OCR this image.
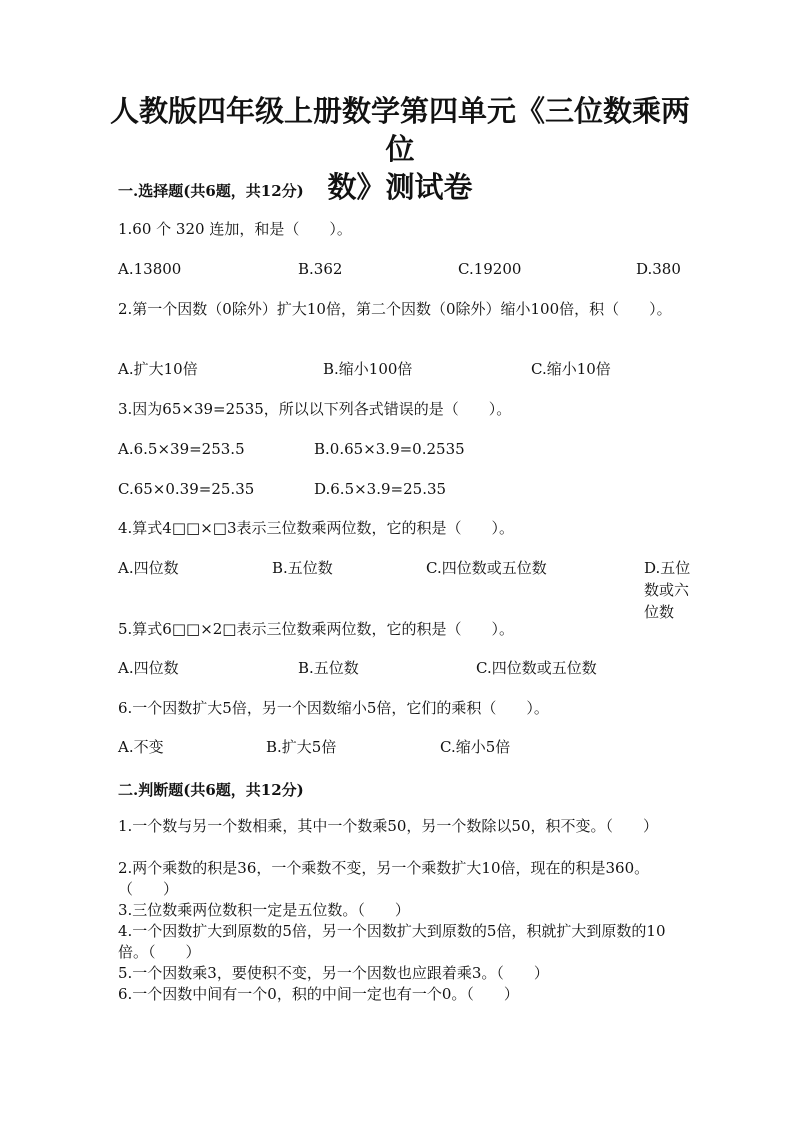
人教版四年级上册数学第四单元《三位数乘两位
数》测试卷
一.选择题(共6题，共12分)
1.60 个 320 连加，和是（　　）。
A.13800	B.362	C.19200	D.380
2.第一个因数（0除外）扩大10倍，第二个因数（0除外）缩小100倍，积（　　）。
A.扩大10倍	B.缩小100倍	C.缩小10倍
3.因为65×39=2535，所以以下列各式错误的是（　　）。
A.6.5×39=253.5	B.0.65×3.9=0.2535
C.65×0.39=25.35	D.6.5×3.9=25.35
4.算式4□□×□3表示三位数乘两位数，它的积是（　　）。
A.四位数	B.五位数	C.四位数或五位数	D.五位数或六位数
5.算式6□□×2□表示三位数乘两位数，它的积是（　　）。
A.四位数	B.五位数	C.四位数或五位数
6.一个因数扩大5倍，另一个因数缩小5倍，它们的乘积（　　）。
A.不变	B.扩大5倍	C.缩小5倍
二.判断题(共6题，共12分)
1.一个数与另一个数相乘，其中一个数乘50，另一个数除以50，积不变。（　　）
2.两个乘数的积是36，一个乘数不变，另一个乘数扩大10倍，现在的积是360。（　　）
3.三位数乘两位数积一定是五位数。（　　）
4.一个因数扩大到原数的5倍，另一个因数扩大到原数的5倍，积就扩大到原数的10倍。（　　）
5.一个因数乘3，要使积不变，另一个因数也应跟着乘3。（　　）
6.一个因数中间有一个0，积的中间一定也有一个0。（　　）
